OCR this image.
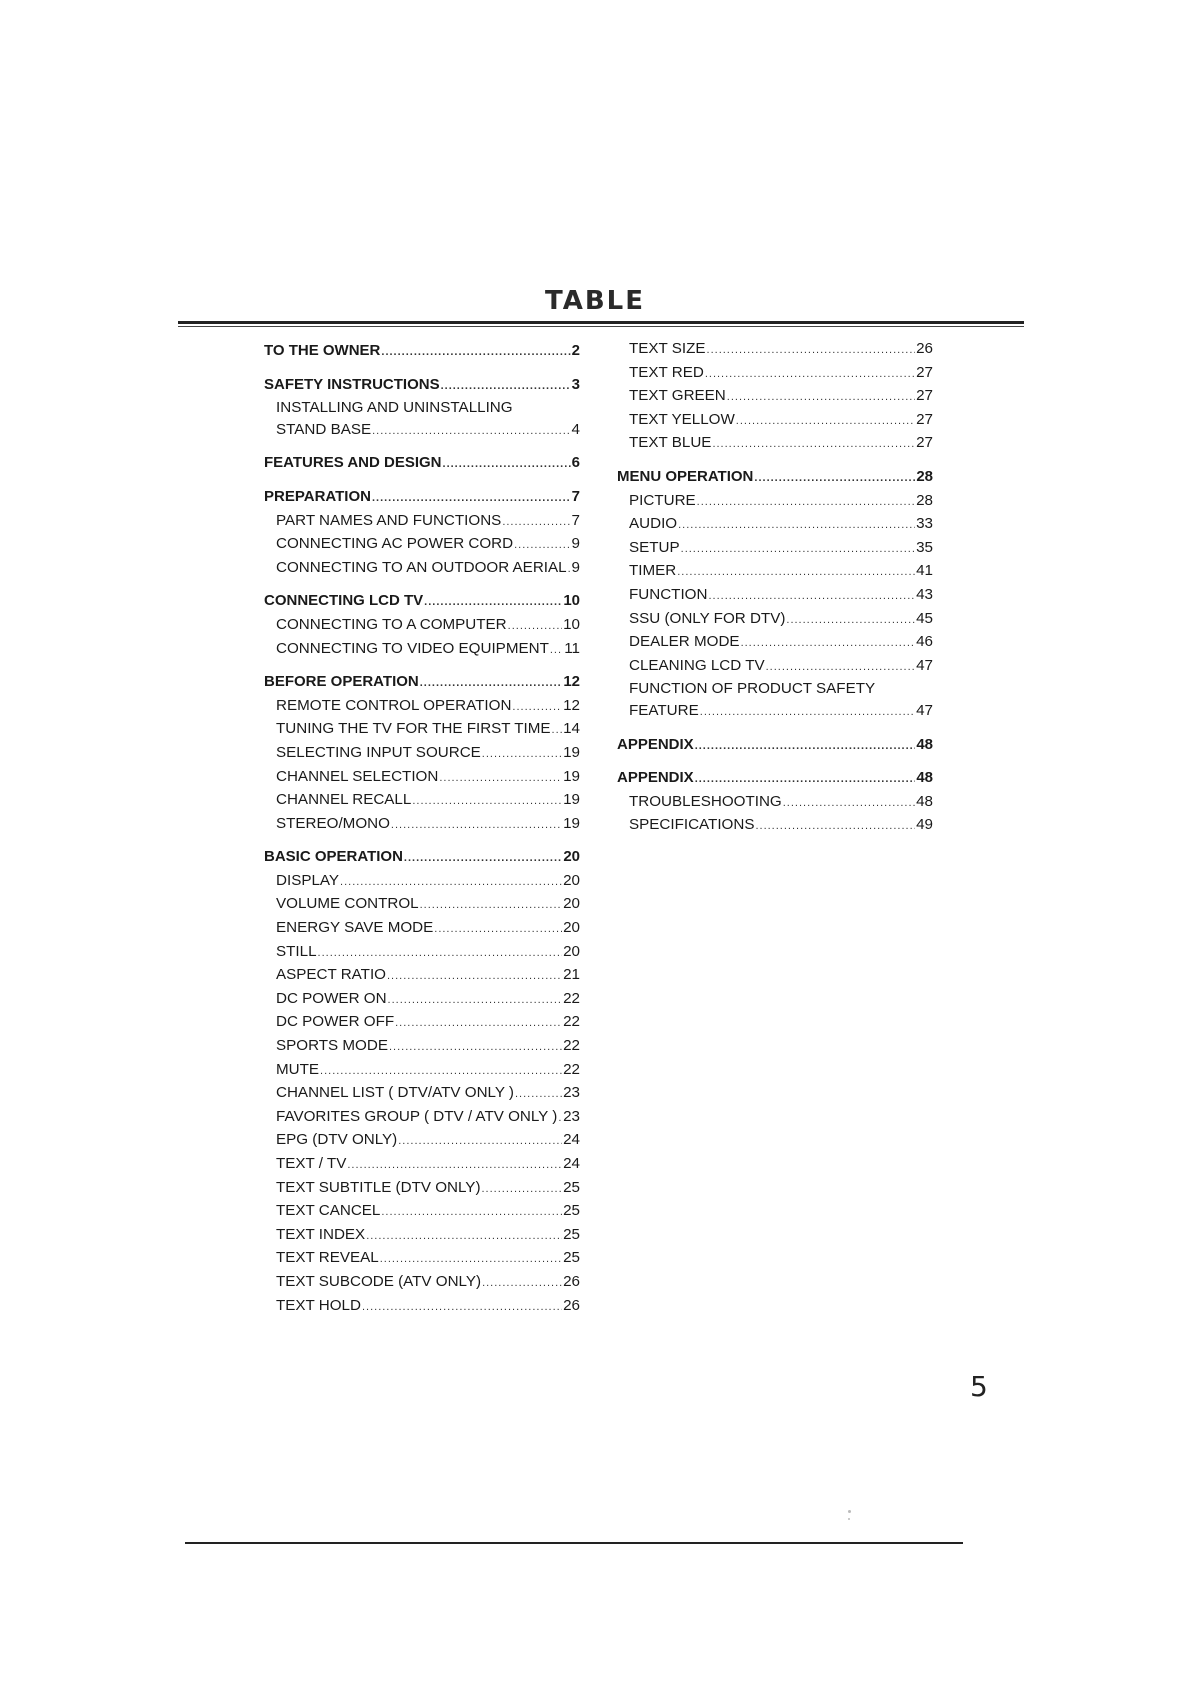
TABLE
TO THE OWNER .....	2
SAFETY INSTRUCTIONS .....	3
INSTALLING AND UNINSTALLING
STAND BASE .....	4
FEATURES AND DESIGN .....	6
PREPARATION .....	7
PART NAMES AND FUNCTIONS .....	7
CONNECTING AC POWER CORD .....	9
CONNECTING TO AN OUTDOOR AERIAL ..... 9
CONNECTING LCD TV .....	10
CONNECTING TO A COMPUTER .....	10
CONNECTING TO VIDEO EQUIPMENT ..... 11
BEFORE OPERATION .....	12
REMOTE CONTROL OPERATION .....	12
TUNING THE TV FOR THE FIRST TIME ..... 14
SELECTING INPUT SOURCE .....	19
CHANNEL SELECTION .....	19
CHANNEL RECALL .....	19
STEREO/MONO .....	19
BASIC OPERATION .....	20
DISPLAY .....	20
VOLUME CONTROL .....	20
ENERGY SAVE MODE .....	20
STILL .....	20
ASPECT RATIO .....	21
DC POWER ON .....	22
DC POWER OFF .....	22
SPORTS MODE .....	22
MUTE .....	22
CHANNEL LIST ( DTV/ATV ONLY ) .....	23
FAVORITES GROUP ( DTV / ATV ONLY ) ..... 23
EPG (DTV ONLY) .....	24
TEXT / TV .....	24
TEXT SUBTITLE (DTV ONLY) .....	25
TEXT CANCEL .....	25
TEXT INDEX .....	25
TEXT REVEAL .....	25
TEXT SUBCODE (ATV ONLY) .....	26
TEXT HOLD .....	26
TEXT SIZE .....	26
TEXT RED .....	27
TEXT GREEN .....	27
TEXT YELLOW .....	27
TEXT BLUE .....	27
MENU OPERATION .....	28
PICTURE .....	28
AUDIO .....	33
SETUP .....	35
TIMER .....	41
FUNCTION .....	43
SSU (ONLY FOR DTV) .....	45
DEALER MODE .....	46
CLEANING LCD TV .....	47
FUNCTION OF PRODUCT SAFETY
FEATURE .....	47
APPENDIX .....	48
APPENDIX .....	48
TROUBLESHOOTING .....	48
SPECIFICATIONS .....	49
5
